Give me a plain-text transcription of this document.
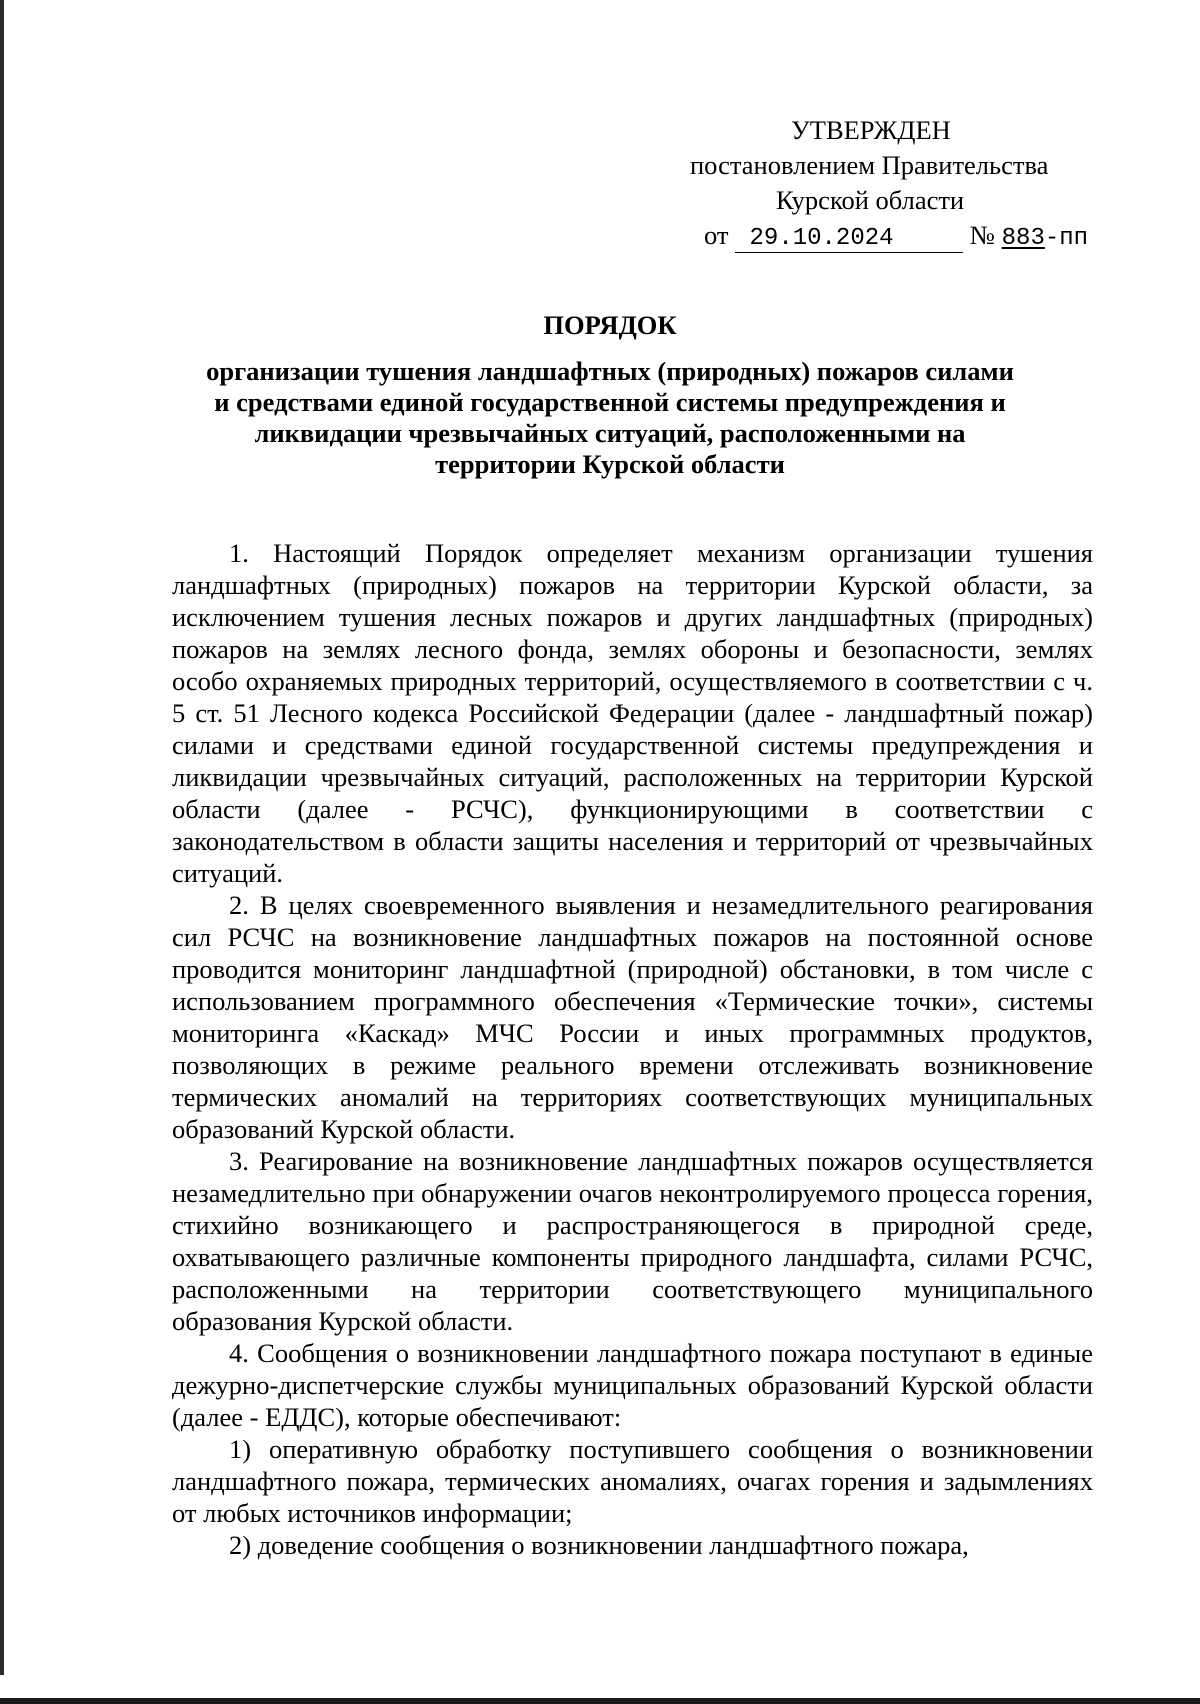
УТВЕРЖДЕН
постановлением Правительства
Курской области
от 29.10.2024	№ 883-пп
ПОРЯДОК
организации тушения ландшафтных (природных) пожаров силами
и средствами единой государственной системы предупреждения и
ликвидации чрезвычайных ситуаций, расположенными на
территории Курской области

1. Настоящий Порядок определяет механизм организации тушения ландшафтных (природных) пожаров на территории Курской области, за исключением тушения лесных пожаров и других ландшафтных (природных) пожаров на землях лесного фонда, землях обороны и безопасности, землях особо охраняемых природных территорий, осуществляемого в соответствии с ч. 5 ст. 51 Лесного кодекса Российской Федерации (далее - ландшафтный пожар) силами и средствами единой государственной системы предупреждения и ликвидации чрезвычайных ситуаций, расположенных на территории Курской области (далее - РСЧС), функционирующими в соответствии с законодательством в области защиты населения и территорий от чрезвычайных ситуаций.

2. В целях своевременного выявления и незамедлительного реагирования сил РСЧС на возникновение ландшафтных пожаров на постоянной основе проводится мониторинг ландшафтной (природной) обстановки, в том числе с использованием программного обеспечения «Термические точки», системы мониторинга «Каскад» МЧС России и иных программных продуктов, позволяющих в режиме реального времени отслеживать возникновение термических аномалий на территориях соответствующих муниципальных образований Курской области.

3. Реагирование на возникновение ландшафтных пожаров осуществляется незамедлительно при обнаружении очагов неконтролируемого процесса горения, стихийно возникающего и распространяющегося в природной среде, охватывающего различные компоненты природного ландшафта, силами РСЧС, расположенными на территории соответствующего муниципального образования Курской области.

4. Сообщения о возникновении ландшафтного пожара поступают в единые дежурно-диспетчерские службы муниципальных образований Курской области (далее - ЕДДС), которые обеспечивают:

1) оперативную обработку поступившего сообщения о возникновении ландшафтного пожара, термических аномалиях, очагах горения и задымлениях от любых источников информации;

2) доведение сообщения о возникновении ландшафтного пожара,
